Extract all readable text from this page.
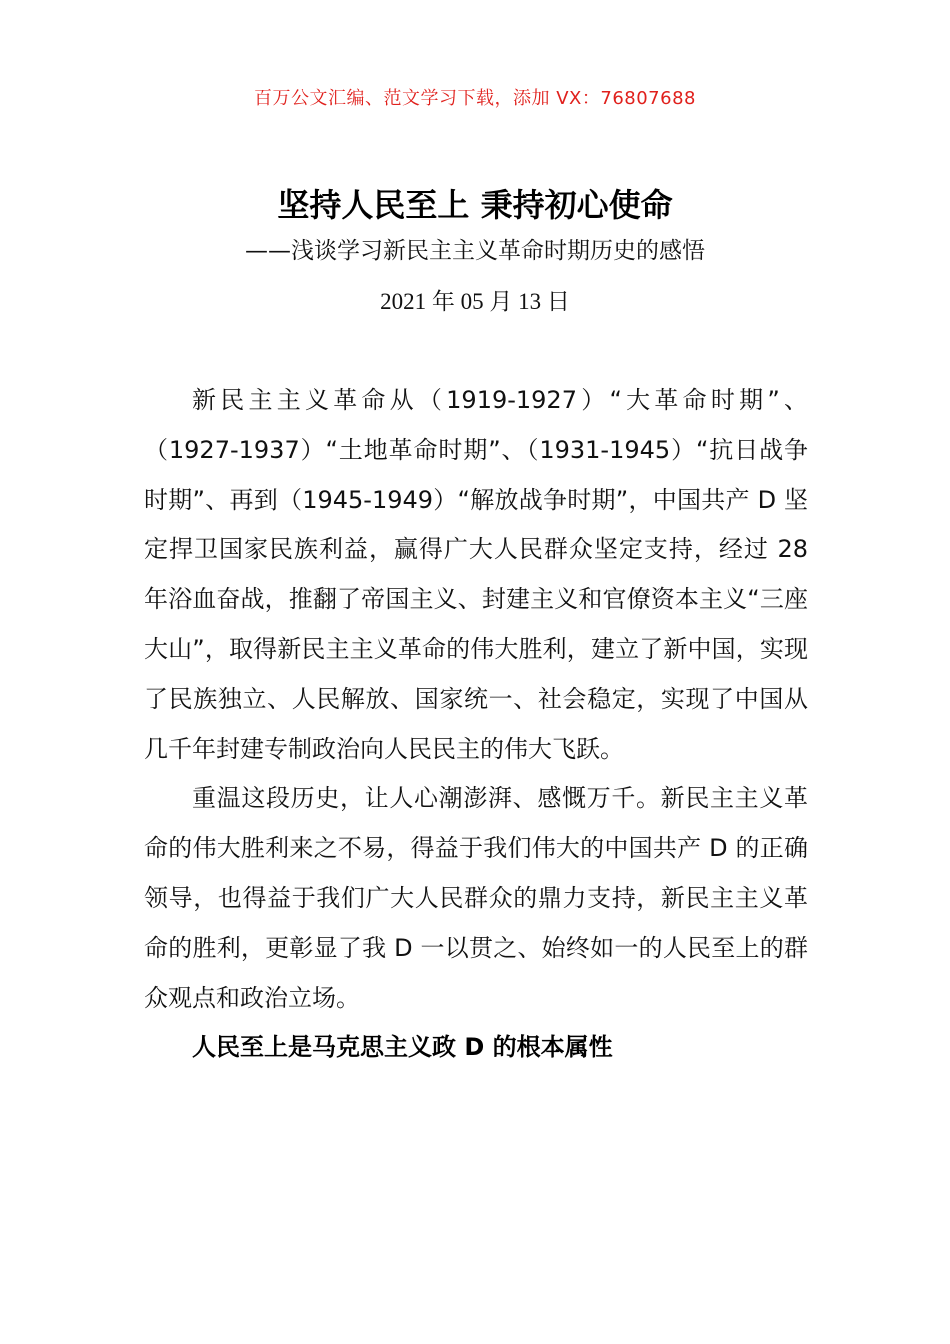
百万公文汇编、范文学习下载，添加 VX：76807688
坚持人民至上 秉持初心使命
——浅谈学习新民主主义革命时期历史的感悟
2021 年 05 月 13 日

新民主主义革命从（1919-1927）“大革命时期”、（1927-1937）“土地革命时期”、（1931-1945）“抗日战争时期”、再到（1945-1949）“解放战争时期”，中国共产 D 坚定捍卫国家民族利益，赢得广大人民群众坚定支持，经过 28 年浴血奋战，推翻了帝国主义、封建主义和官僚资本主义“三座大山”，取得新民主主义革命的伟大胜利，建立了新中国，实现了民族独立、人民解放、国家统一、社会稳定，实现了中国从几千年封建专制政治向人民民主的伟大飞跃。

重温这段历史，让人心潮澎湃、感慨万千。新民主主义革命的伟大胜利来之不易，得益于我们伟大的中国共产 D 的正确领导，也得益于我们广大人民群众的鼎力支持，新民主主义革命的胜利，更彰显了我 D 一以贯之、始终如一的人民至上的群众观点和政治立场。

人民至上是马克思主义政 D 的根本属性
